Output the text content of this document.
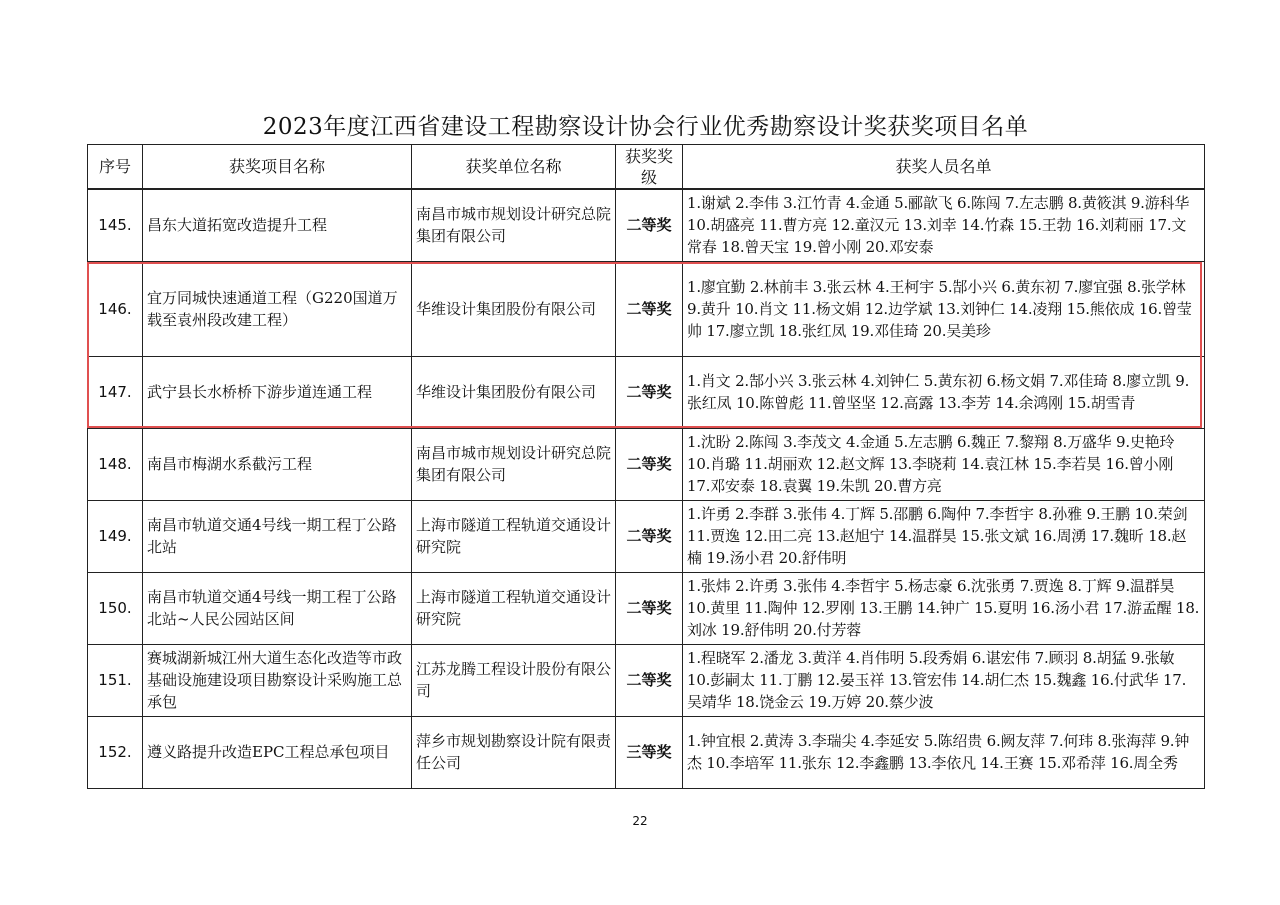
2023年度江西省建设工程勘察设计协会行业优秀勘察设计奖获奖项目名单
序号	获奖项目名称	获奖单位名称	获奖奖级	获奖人员名单
145.	昌东大道拓宽改造提升工程	南昌市城市规划设计研究总院集团有限公司	二等奖	1.谢斌 2.李伟 3.江竹青 4.金通 5.郦歆飞 6.陈闯 7.左志鹏 8.黄筱淇 9.游科华 10.胡盛亮 11.曹方亮 12.童汉元 13.刘幸 14.竹森 15.王勃 16.刘莉丽 17.文常春 18.曾天宝 19.曾小刚 20.邓安泰
146.	宜万同城快速通道工程（G220国道万载至袁州段改建工程）	华维设计集团股份有限公司	二等奖	1.廖宜勤 2.林前丰 3.张云林 4.王柯宇 5.郜小兴 6.黄东初 7.廖宜强 8.张学林 9.黄升 10.肖文 11.杨文娟 12.边学斌 13.刘钟仁 14.凌翔 15.熊依成 16.曾莹帅 17.廖立凯 18.张红凤 19.邓佳琦 20.吴美珍
147.	武宁县长水桥桥下游步道连通工程	华维设计集团股份有限公司	二等奖	1.肖文 2.郜小兴 3.张云林 4.刘钟仁 5.黄东初 6.杨文娟 7.邓佳琦 8.廖立凯 9.张红凤 10.陈曾彪 11.曾坚坚 12.高露 13.李芳 14.余鸿刚 15.胡雪青
148.	南昌市梅湖水系截污工程	南昌市城市规划设计研究总院集团有限公司	二等奖	1.沈盼 2.陈闯 3.李茂文 4.金通 5.左志鹏 6.魏正 7.黎翔 8.万盛华 9.史艳玲 10.肖璐 11.胡丽欢 12.赵文辉 13.李晓莉 14.袁江林 15.李若昊 16.曾小刚 17.邓安泰 18.袁翼 19.朱凯 20.曹方亮
149.	南昌市轨道交通4号线一期工程丁公路北站	上海市隧道工程轨道交通设计研究院	二等奖	1.许勇 2.李群 3.张伟 4.丁辉 5.邵鹏 6.陶仲 7.李哲宇 8.孙雅 9.王鹏 10.荣剑 11.贾逸 12.田二亮 13.赵旭宁 14.温群昊 15.张文斌 16.周湧 17.魏昕 18.赵楠 19.汤小君 20.舒伟明
150.	南昌市轨道交通4号线一期工程丁公路北站~人民公园站区间	上海市隧道工程轨道交通设计研究院	二等奖	1.张炜 2.许勇 3.张伟 4.李哲宇 5.杨志豪 6.沈张勇 7.贾逸 8.丁辉 9.温群昊 10.黄里 11.陶仲 12.罗刚 13.王鹏 14.钟广 15.夏明 16.汤小君 17.游孟醒 18.刘冰 19.舒伟明 20.付芳蓉
151.	赛城湖新城江州大道生态化改造等市政基础设施建设项目勘察设计采购施工总承包	江苏龙腾工程设计股份有限公司	二等奖	1.程晓军 2.潘龙 3.黄洋 4.肖伟明 5.段秀娟 6.谌宏伟 7.顾羽 8.胡猛 9.张敏 10.彭嗣太 11.丁鹏 12.晏玉祥 13.管宏伟 14.胡仁杰 15.魏鑫 16.付武华 17.吴靖华 18.饶金云 19.万婷 20.蔡少波
152.	遵义路提升改造EPC工程总承包项目	萍乡市规划勘察设计院有限责任公司	三等奖	1.钟宜根 2.黄涛 3.李瑞尖 4.李延安 5.陈绍贵 6.阙友萍 7.何玮 8.张海萍 9.钟杰 10.李培军 11.张东 12.李鑫鹏 13.李依凡 14.王赛 15.邓希萍 16.周全秀
22
